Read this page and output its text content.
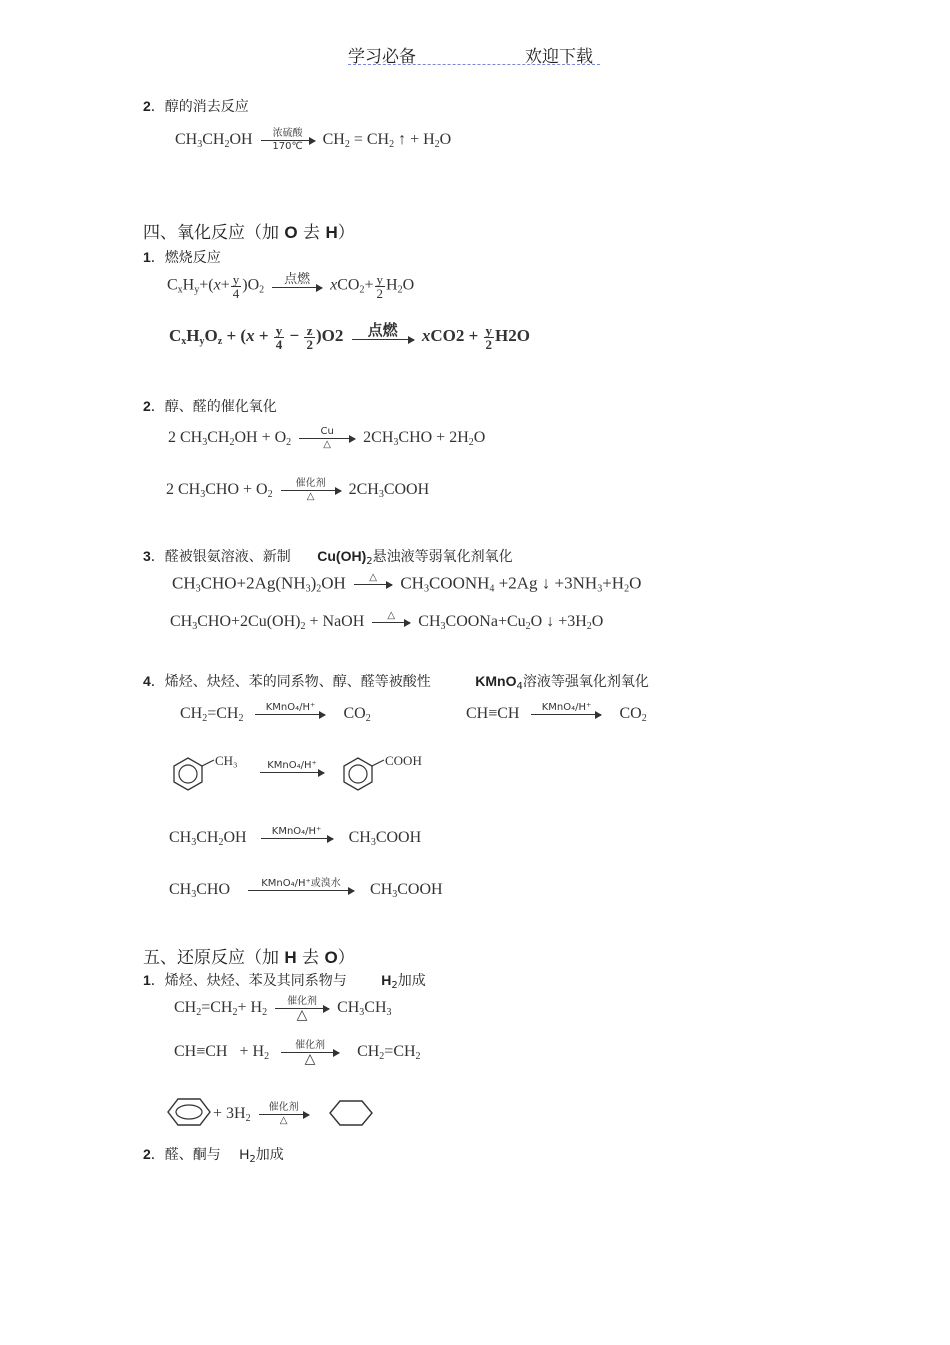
学习必备	欢迎下载
2．醇的消去反应
$CH_3CH_2OH$	浓硫酸
170℃ $CH_2 = CH_2$ ↑ + $H_2O$
四、氧化反应（加 O 去 H）
1．燃烧反应
$C_xH_y+(x+ \frac{y}{4} )O_2$
点燃
	$xCO_2+ \frac{y}{2} H_2O$
$C_xH_yO_z + (x + \frac{y}{4} - \frac{z}{2} )O2$	点燃
	$xCO2 + \frac{y}{2} H2O$
2．醇、醛的催化氧化
2 $CH_3CH_2OH + O_2$
Cu
△	$2CH_3CHO + 2H_2O$
2 $CH_3CHO + O_2$
催化剂
△	$2CH_3COOH$
3．醛被银氨溶液、新制 $Cu(OH)_2$悬浊液等弱氧化剂氧化
$CH_3CHO+2Ag(NH_3)_2OH$	△
	$CH_3COONH_4 +2Ag$ ↓ $+3NH_3+H_2O$
$CH_3CHO+2Cu(OH)_2$ + NaOH	△
	$CH_3COONa+Cu_2O$ ↓ $+3H_2O$
4．烯烃、炔烃、苯的同系物、醇、醛等被酸性	KMnO$_4$溶液等强氧化剂氧化
$CH_2=CH_2$
KMnO₄/H⁺
	$CO_2$	CH≡CH	KMnO₄/H⁺
	$CO_2$
CH₃	KMnO₄/H⁺
	COOH
$CH_3CH_2OH$	KMnO₄/H⁺
	$CH_3COOH$
$CH_3CHO$	KMnO₄/H⁺或溴水
	$CH_3COOH$
五、还原反应（加 H 去 O）
1．烯烃、炔烃、苯及其同系物与 $H_2$加成
$CH_2=CH_2+ H_2$
催化剂
△	$CH_3CH_3$
$CH\equiv CH + H_2$
催化剂
△	$CH_2=CH_2$
+ $3H_2$
催化剂
△
2．醛、酮与 $H_2$加成
